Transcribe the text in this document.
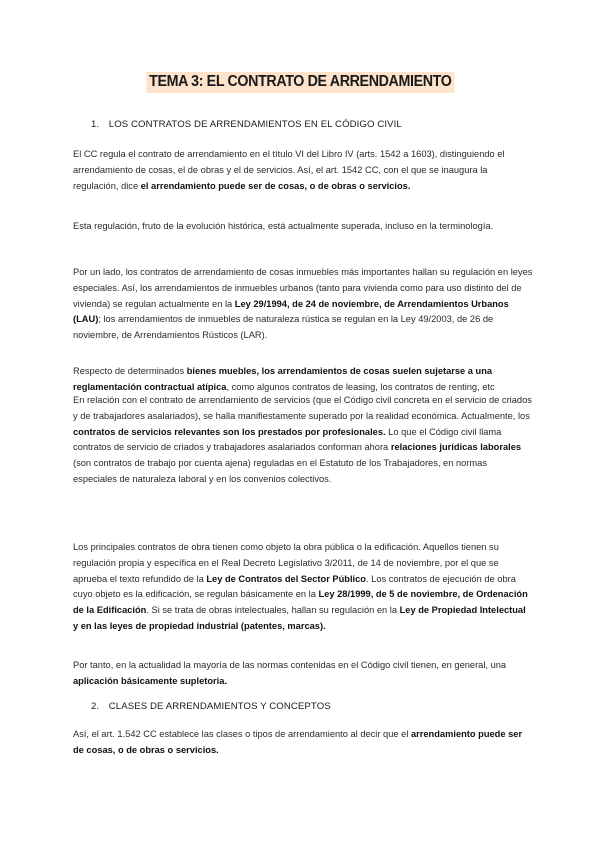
TEMA 3: EL CONTRATO DE ARRENDAMIENTO
1. LOS CONTRATOS DE ARRENDAMIENTOS EN EL CÓDIGO CIVIL

El CC regula el contrato de arrendamiento en el título VI del Libro IV (arts. 1542 a 1603), distinguiendo el arrendamiento de cosas, el de obras y el de servicios. Así, el art. 1542 CC, con el que se inaugura la regulación, dice el arrendamiento puede ser de cosas, o de obras o servicios.

Esta regulación, fruto de la evolución histórica, está actualmente superada, incluso en la terminología.

Por un lado, los contratos de arrendamiento de cosas inmuebles más importantes hallan su regulación en leyes especiales. Así, los arrendamientos de inmuebles urbanos (tanto para vivienda como para uso distinto del de vivienda) se regulan actualmente en la Ley 29/1994, de 24 de noviembre, de Arrendamientos Urbanos (LAU); los arrendamientos de inmuebles de naturaleza rústica se regulan en la Ley 49/2003, de 26 de noviembre, de Arrendamientos Rústicos (LAR).

Respecto de determinados bienes muebles, los arrendamientos de cosas suelen sujetarse a una reglamentación contractual atípica, como algunos contratos de leasing, los contratos de renting, etc

En relación con el contrato de arrendamiento de servicios (que el Código civil concreta en el servicio de criados y de trabajadores asalariados), se halla manifiestamente superado por la realidad económica. Actualmente, los contratos de servicios relevantes son los prestados por profesionales. Lo que el Código civil llama contratos de servicio de criados y trabajadores asalariados conforman ahora relaciones jurídicas laborales (son contratos de trabajo por cuenta ajena) reguladas en el Estatuto de los Trabajadores, en normas especiales de naturaleza laboral y en los convenios colectivos.

Los principales contratos de obra tienen como objeto la obra pública o la edificación. Aquellos tienen su regulación propia y específica en el Real Decreto Legislativo 3/2011, de 14 de noviembre, por el que se aprueba el texto refundido de la Ley de Contratos del Sector Público. Los contratos de ejecución de obra cuyo objeto es la edificación, se regulan básicamente en la Ley 28/1999, de 5 de noviembre, de Ordenación de la Edificación. Si se trata de obras intelectuales, hallan su regulación en la Ley de Propiedad Intelectual y en las leyes de propiedad industrial (patentes, marcas).

Por tanto, en la actualidad la mayoría de las normas contenidas en el Código civil tienen, en general, una aplicación básicamente supletoria.

2. CLASES DE ARRENDAMIENTOS Y CONCEPTOS

Así, el art. 1.542 CC establece las clases o tipos de arrendamiento al decir que el arrendamiento puede ser de cosas, o de obras o servicios.
